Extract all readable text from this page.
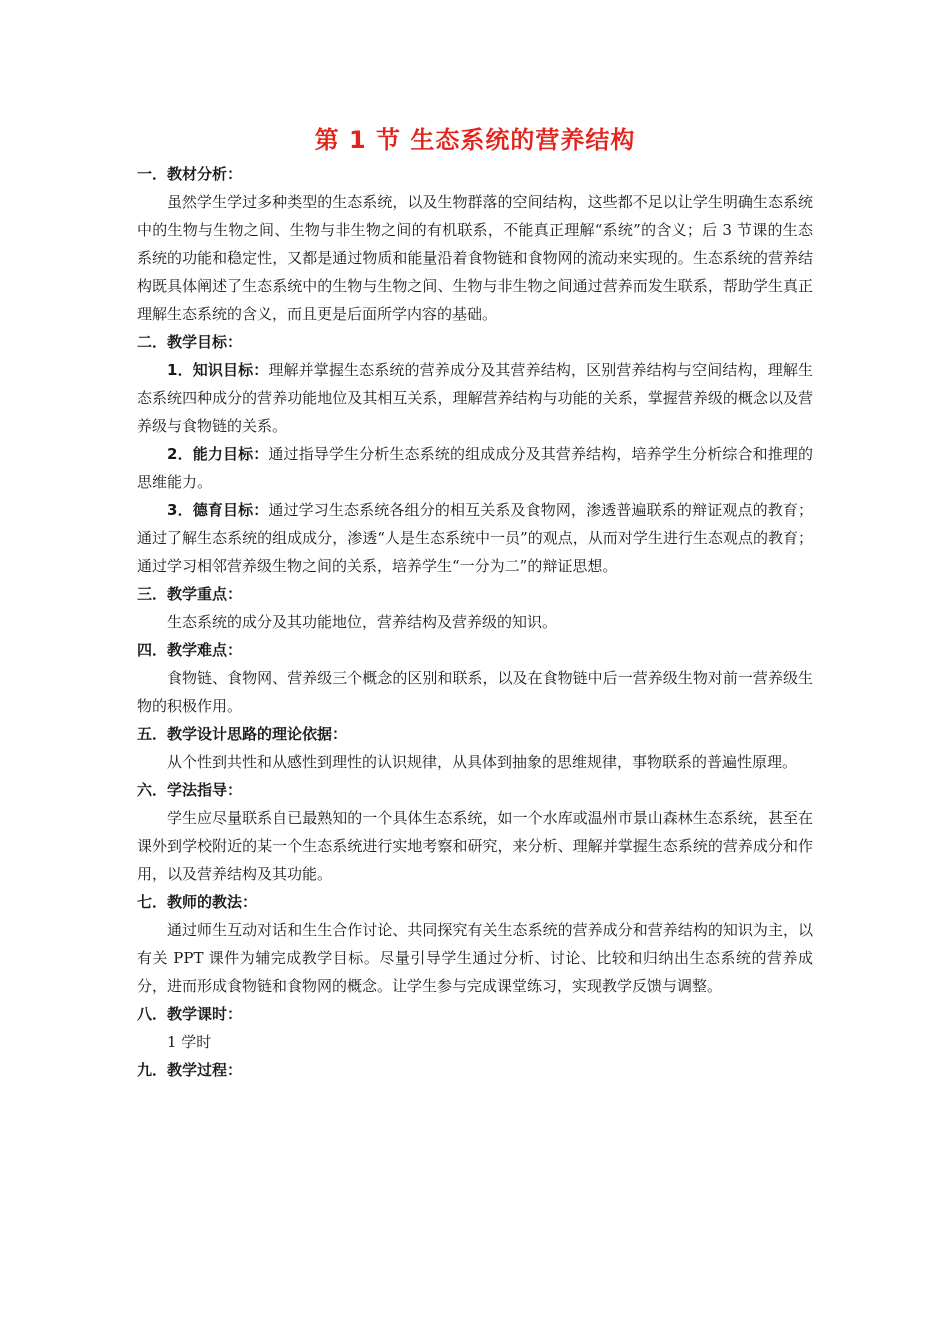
第 1 节 生态系统的营养结构

一．教材分析：

虽然学生学过多种类型的生态系统，以及生物群落的空间结构，这些都不足以让学生明确生态系统中的生物与生物之间、生物与非生物之间的有机联系，不能真正理解“系统”的含义；后 3 节课的生态系统的功能和稳定性，又都是通过物质和能量沿着食物链和食物网的流动来实现的。生态系统的营养结构既具体阐述了生态系统中的生物与生物之间、生物与非生物之间通过营养而发生联系，帮助学生真正理解生态系统的含义，而且更是后面所学内容的基础。

二．教学目标：

1．知识目标：理解并掌握生态系统的营养成分及其营养结构，区别营养结构与空间结构，理解生态系统四种成分的营养功能地位及其相互关系，理解营养结构与功能的关系，掌握营养级的概念以及营养级与食物链的关系。

2．能力目标：通过指导学生分析生态系统的组成成分及其营养结构，培养学生分析综合和推理的思维能力。

3．德育目标：通过学习生态系统各组分的相互关系及食物网，渗透普遍联系的辩证观点的教育；通过了解生态系统的组成成分，渗透“人是生态系统中一员”的观点，从而对学生进行生态观点的教育；通过学习相邻营养级生物之间的关系，培养学生“一分为二”的辩证思想。

三．教学重点：

生态系统的成分及其功能地位，营养结构及营养级的知识。

四．教学难点：

食物链、食物网、营养级三个概念的区别和联系，以及在食物链中后一营养级生物对前一营养级生物的积极作用。

五．教学设计思路的理论依据：

从个性到共性和从感性到理性的认识规律，从具体到抽象的思维规律，事物联系的普遍性原理。

六．学法指导：

学生应尽量联系自已最熟知的一个具体生态系统，如一个水库或温州市景山森林生态系统，甚至在课外到学校附近的某一个生态系统进行实地考察和研究，来分析、理解并掌握生态系统的营养成分和作用，以及营养结构及其功能。

七．教师的教法：

通过师生互动对话和生生合作讨论、共同探究有关生态系统的营养成分和营养结构的知识为主，以有关 PPT 课件为辅完成教学目标。尽量引导学生通过分析、讨论、比较和归纳出生态系统的营养成分，进而形成食物链和食物网的概念。让学生参与完成课堂练习，实现教学反馈与调整。

八．教学课时：

1 学时

九．教学过程：
